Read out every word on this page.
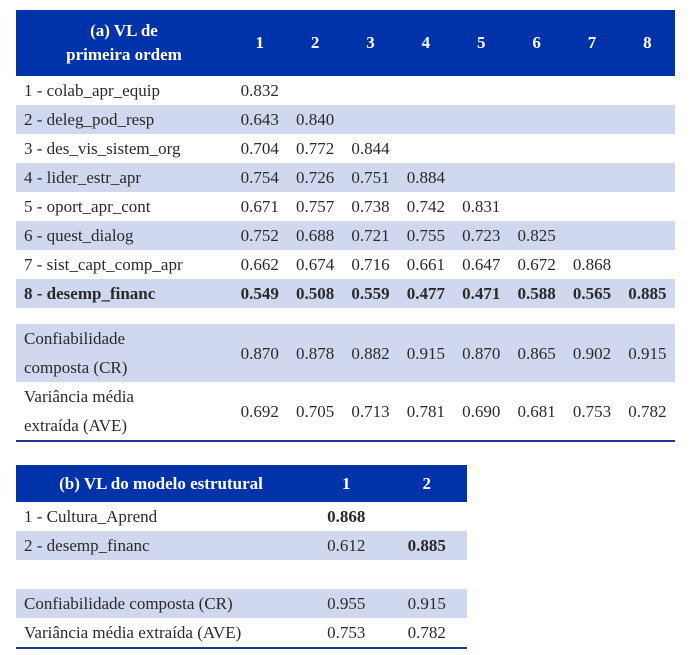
(a) VL de
primeira ordem	1	2	3	4	5	6	7	8
1 - colab_apr_equip	0.832							
2 - deleg_pod_resp	0.643	0.840						
3 - des_vis_sistem_org	0.704	0.772	0.844					
4 - lider_estr_apr	0.754	0.726	0.751	0.884				
5 - oport_apr_cont	0.671	0.757	0.738	0.742	0.831			
6 - quest_dialog	0.752	0.688	0.721	0.755	0.723	0.825		
7 - sist_capt_comp_apr	0.662	0.674	0.716	0.661	0.647	0.672	0.868	
8 - desemp_financ	0.549	0.508	0.559	0.477	0.471	0.588	0.565	0.885

Confiabilidade
composta (CR)	0.870	0.878	0.882	0.915	0.870	0.865	0.902	0.915
Variância média
extraída (AVE)	0.692	0.705	0.713	0.781	0.690	0.681	0.753	0.782
(b) VL do modelo estrutural	1	2
1 - Cultura_Aprend	0.868	
2 - desemp_financ	0.612	0.885

Confiabilidade composta (CR)	0.955	0.915
Variância média extraída (AVE)	0.753	0.782
